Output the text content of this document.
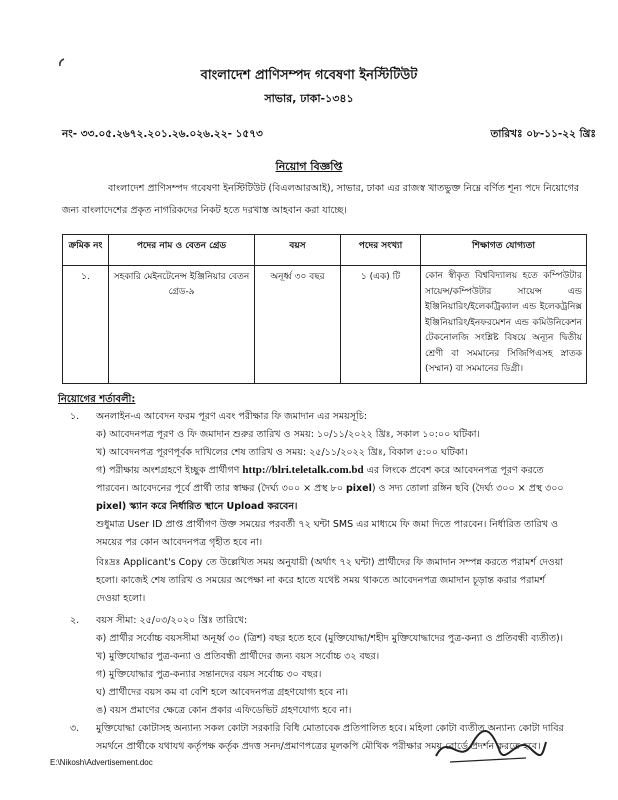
বাংলাদেশ প্রাণিসম্পদ গবেষণা ইনস্টিটিউট
সাভার, ঢাকা-১৩৪১
নং- ৩৩.০৫.২৬৭২.২০১.২৬.০২৬.২২- ১৫৭৩	তারিখঃ ০৮-১১-২২ খ্রিঃ
নিয়োগ বিজ্ঞপ্তি
বাংলাদেশ প্রাণিসম্পদ গবেষণা ইনস্টিটিউট (বিএলআরআই), সাভার, ঢাকা এর রাজস্ব খাতভুক্ত নিম্নে বর্ণিত শূন্য পদে নিয়োগের জন্য বাংলাদেশের প্রকৃত নাগরিকদের নিকট হতে দরখাস্ত আহবান করা যাচ্ছে।
ক্রমিক নং	পদের নাম ও বেতন গ্রেড	বয়স	পদের সংখ্যা	শিক্ষাগত যোগ্যতা
১.	সহকারি মেইনটেনেন্স ইঞ্জিনিয়ার বেতন গ্রেড-৯	অনূর্ধ্ব ৩০ বছর	১ (এক) টি	কোন স্বীকৃত বিশ্ববিদ্যালয় হতে কম্পিউটার সায়েন্স/কম্পিউটার সায়েন্স এন্ড ইঞ্জিনিয়ারিং/ইলেকট্রিক্যাল এন্ড ইলেকট্রনিক্স ইঞ্জিনিয়ারিং/ইনফরমেশন এন্ড কমিউনিকেশন টেকনোলজি সংশ্লিষ্ট বিষয়ে অন্যূন দ্বিতীয় শ্রেণী বা সমমানের সিজিপিএসহ স্নাতক (সম্মান) বা সমমানের ডিগ্রী।
নিয়োগের শর্তাবলী:
১. অনলাইন-এ আবেদন ফরম পূরণ এবং পরীক্ষার ফি জমাদান এর সময়সূচি:
ক) আবেদনপত্র পূরণ ও ফি জমাদান শুরুর তারিখ ও সময়: ১০/১১/২০২২ খ্রিঃ, সকাল ১০:০০ ঘটিকা।
খ) আবেদনপত্র পূরণপূর্বক দাখিলের শেষ তারিখ ও সময়: ২৫/১১/২০২২ খ্রিঃ, বিকাল ৫:০০ ঘটিকা।
গ) পরীক্ষায় অংশগ্রহণে ইচ্ছুক প্রার্থীগণ http://blri.teletalk.com.bd এর লিংকে প্রবেশ করে আবেদনপত্র পূরণ করতে
পারবেন। আবেদনের পূর্বে প্রার্থী তার স্বাক্ষর (দৈর্ঘ্য ৩০০ × প্রস্থ ৮০ pixel) ও সদ্য তোলা রঙ্গিন ছবি (দৈর্ঘ্য ৩০০ × প্রস্থ ৩০০
pixel) স্ক্যান করে নির্ধারিত স্থানে Upload করবেন।
শুধুমাত্র User ID প্রাপ্ত প্রার্থীগণ উক্ত সময়ের পরবর্তী ৭২ ঘন্টা SMS এর মাধ্যমে ফি জমা দিতে পারবেন। নির্ধারিত তারিখ ও
সময়ের পর কোন আবেদনপত্র গৃহীত হবে না।
বিঃদ্রঃ Applicant's Copy তে উল্লেখিত সময় অনুযায়ী (অর্থাৎ ৭২ ঘন্টা) প্রার্থীদের ফি জমাদান সম্পন্ন করতে পরামর্শ দেওয়া
হলো। কাজেই শেষ তারিখ ও সময়ের অপেক্ষা না করে হাতে যথেষ্ট সময় থাকতে আবেদনপত্র জমাদান চূড়ান্ত করার পরামর্শ
দেওয়া হলো।
২. বয়স সীমা: ২৫/০৩/২০২০ খ্রিঃ তারিখে:
ক) প্রার্থীর সর্বোচ্চ বয়সসীমা অনূর্ধ্ব ৩০ (ত্রিশ) বছর হতে হবে (মুক্তিযোদ্ধা/শহীদ মুক্তিযোদ্ধাদের পুত্র-কন্যা ও প্রতিবন্ধী ব্যতীত)।
খ) মুক্তিযোদ্ধার পুত্র-কন্যা ও প্রতিবন্ধী প্রার্থীদের জন্য বয়স সর্বোচ্চ ৩২ বছর।
গ) মুক্তিযোদ্ধার পুত্র-কন্যার সন্তানদের বয়স সর্বোচ্চ ৩০ বছর।
ঘ) প্রার্থীদের বয়স কম বা বেশি হলে আবেদনপত্র গ্রহণযোগ্য হবে না।
ঙ) বয়স প্রমাণের ক্ষেত্রে কোন প্রকার এফিডেভিট গ্রহণযোগ্য হবে না।
৩. মুক্তিযোদ্ধা কোটাসহ অন্যান্য সকল কোটা সরকারি বিধি মোতাবেক প্রতিপালিত হবে। মহিলা কোটা ব্যতীত অন্যান্য কোটা দাবির
সমর্থনে প্রার্থীকে যথাযথ কর্তৃপক্ষ কর্তৃক প্রদত্ত সনদ/প্রমাণপত্রের মূলকপি মৌখিক পরীক্ষার সময় বোর্ডে প্রদর্শন করতে হবে।
E:\Nikosh\Advertisement.doc
